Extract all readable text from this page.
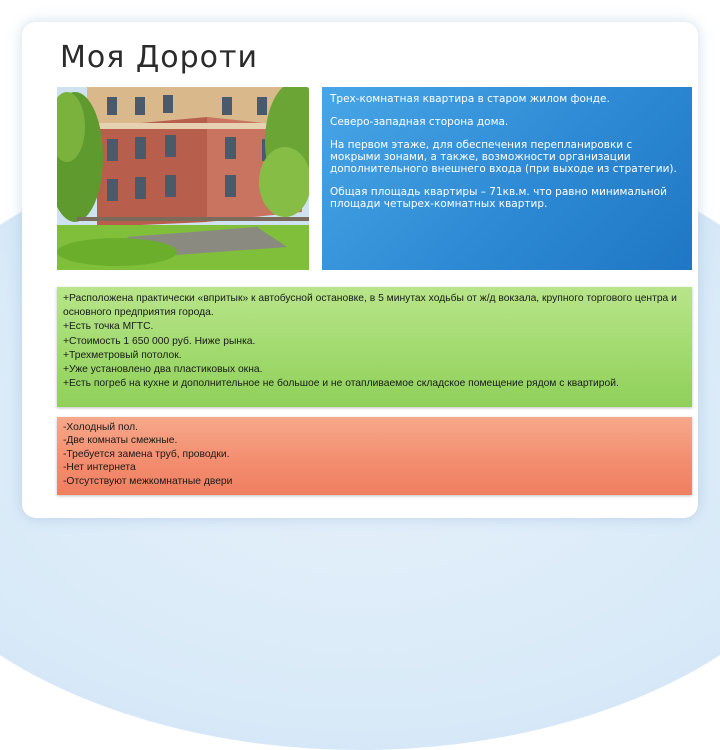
Моя Дороти

Трех-комнатная квартира в старом жилом фонде.

Северо-западная сторона дома.

На первом этаже, для обеспечения перепланировки с мокрыми зонами, а также, возможности организации дополнительного внешнего входа (при выходе из стратегии).

Общая площадь квартиры – 71кв.м. что равно минимальной площади четырех-комнатных квартир.

+Расположена практически «впритык» к автобусной остановке, в 5 минутах ходьбы от ж/д вокзала, крупного торгового центра и основного предприятия города.
+Есть точка МГТС.
+Стоимость 1 650 000 руб. Ниже рынка.
+Трехметровый потолок.
+Уже установлено два пластиковых окна.
+Есть погреб на кухне и дополнительное не большое и не отапливаемое складское помещение рядом с квартирой.
-Холодный пол.
-Две комнаты смежные.
-Требуется замена труб, проводки.
-Нет интернета
-Отсутствуют межкомнатные двери
